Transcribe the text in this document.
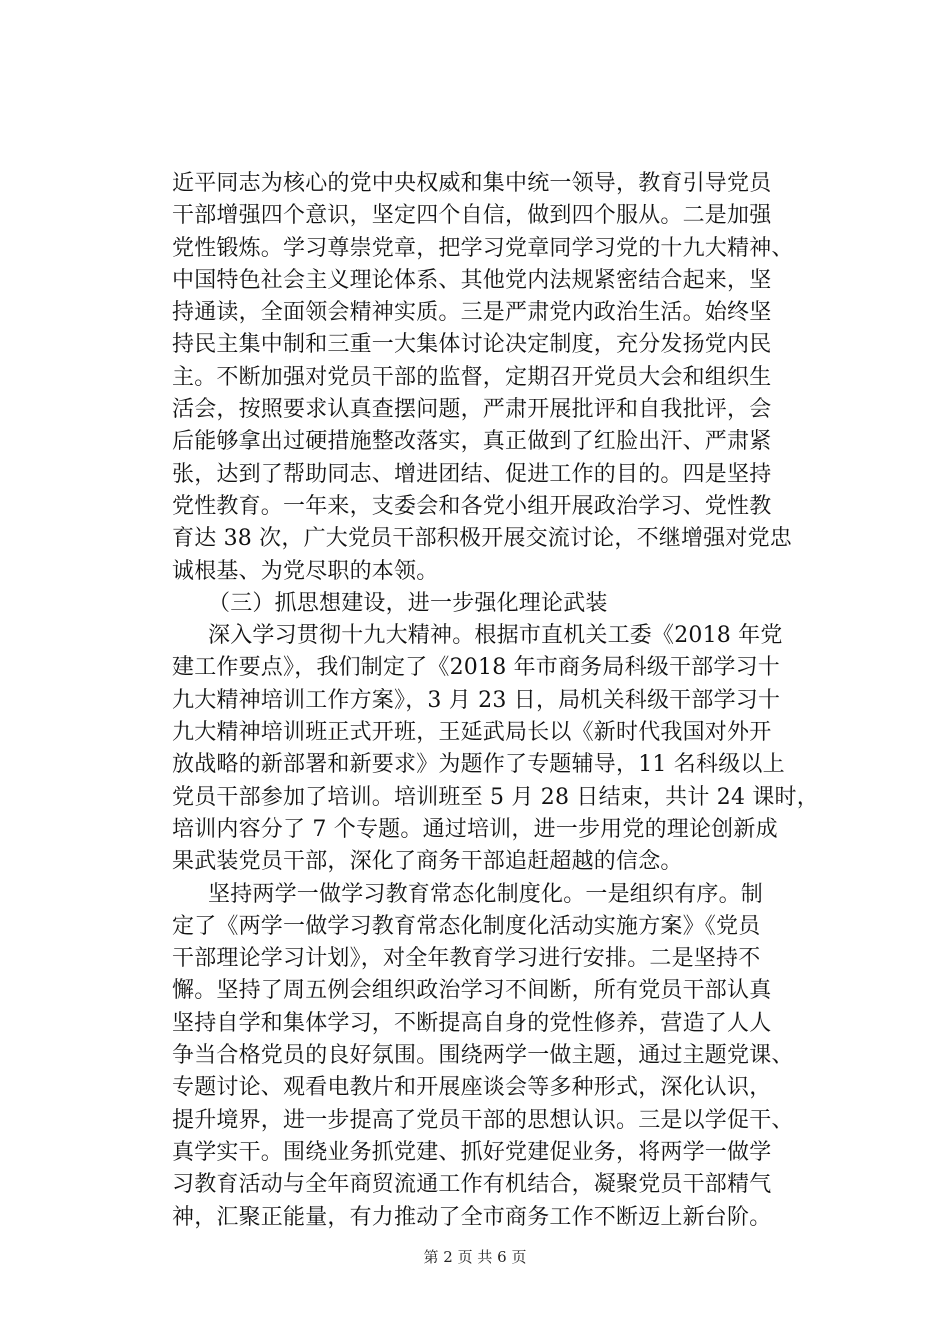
近平同志为核心的党中央权威和集中统一领导，教育引导党员
干部增强四个意识，坚定四个自信，做到四个服从。二是加强
党性锻炼。学习尊崇党章，把学习党章同学习党的十九大精神、
中国特色社会主义理论体系、其他党内法规紧密结合起来，坚
持通读，全面领会精神实质。三是严肃党内政治生活。始终坚
持民主集中制和三重一大集体讨论决定制度，充分发扬党内民
主。不断加强对党员干部的监督，定期召开党员大会和组织生
活会，按照要求认真查摆问题，严肃开展批评和自我批评，会
后能够拿出过硬措施整改落实，真正做到了红脸出汗、严肃紧
张，达到了帮助同志、增进团结、促进工作的目的。四是坚持
党性教育。一年来，支委会和各党小组开展政治学习、党性教
育达 38 次，广大党员干部积极开展交流讨论，不继增强对党忠
诚根基、为党尽职的本领。
（三）抓思想建设，进一步强化理论武装
深入学习贯彻十九大精神。根据市直机关工委《2018 年党
建工作要点》，我们制定了《2018 年市商务局科级干部学习十
九大精神培训工作方案》，3 月 23 日，局机关科级干部学习十
九大精神培训班正式开班，王延武局长以《新时代我国对外开
放战略的新部署和新要求》为题作了专题辅导，11 名科级以上
党员干部参加了培训。培训班至 5 月 28 日结束，共计 24 课时，
培训内容分了 7 个专题。通过培训，进一步用党的理论创新成
果武装党员干部，深化了商务干部追赶超越的信念。
坚持两学一做学习教育常态化制度化。一是组织有序。制
定了《两学一做学习教育常态化制度化活动实施方案》《党员
干部理论学习计划》，对全年教育学习进行安排。二是坚持不
懈。坚持了周五例会组织政治学习不间断，所有党员干部认真
坚持自学和集体学习，不断提高自身的党性修养，营造了人人
争当合格党员的良好氛围。围绕两学一做主题，通过主题党课、
专题讨论、观看电教片和开展座谈会等多种形式，深化认识，
提升境界，进一步提高了党员干部的思想认识。三是以学促干、
真学实干。围绕业务抓党建、抓好党建促业务，将两学一做学
习教育活动与全年商贸流通工作有机结合，凝聚党员干部精气
神，汇聚正能量，有力推动了全市商务工作不断迈上新台阶。
第 2 页 共 6 页
